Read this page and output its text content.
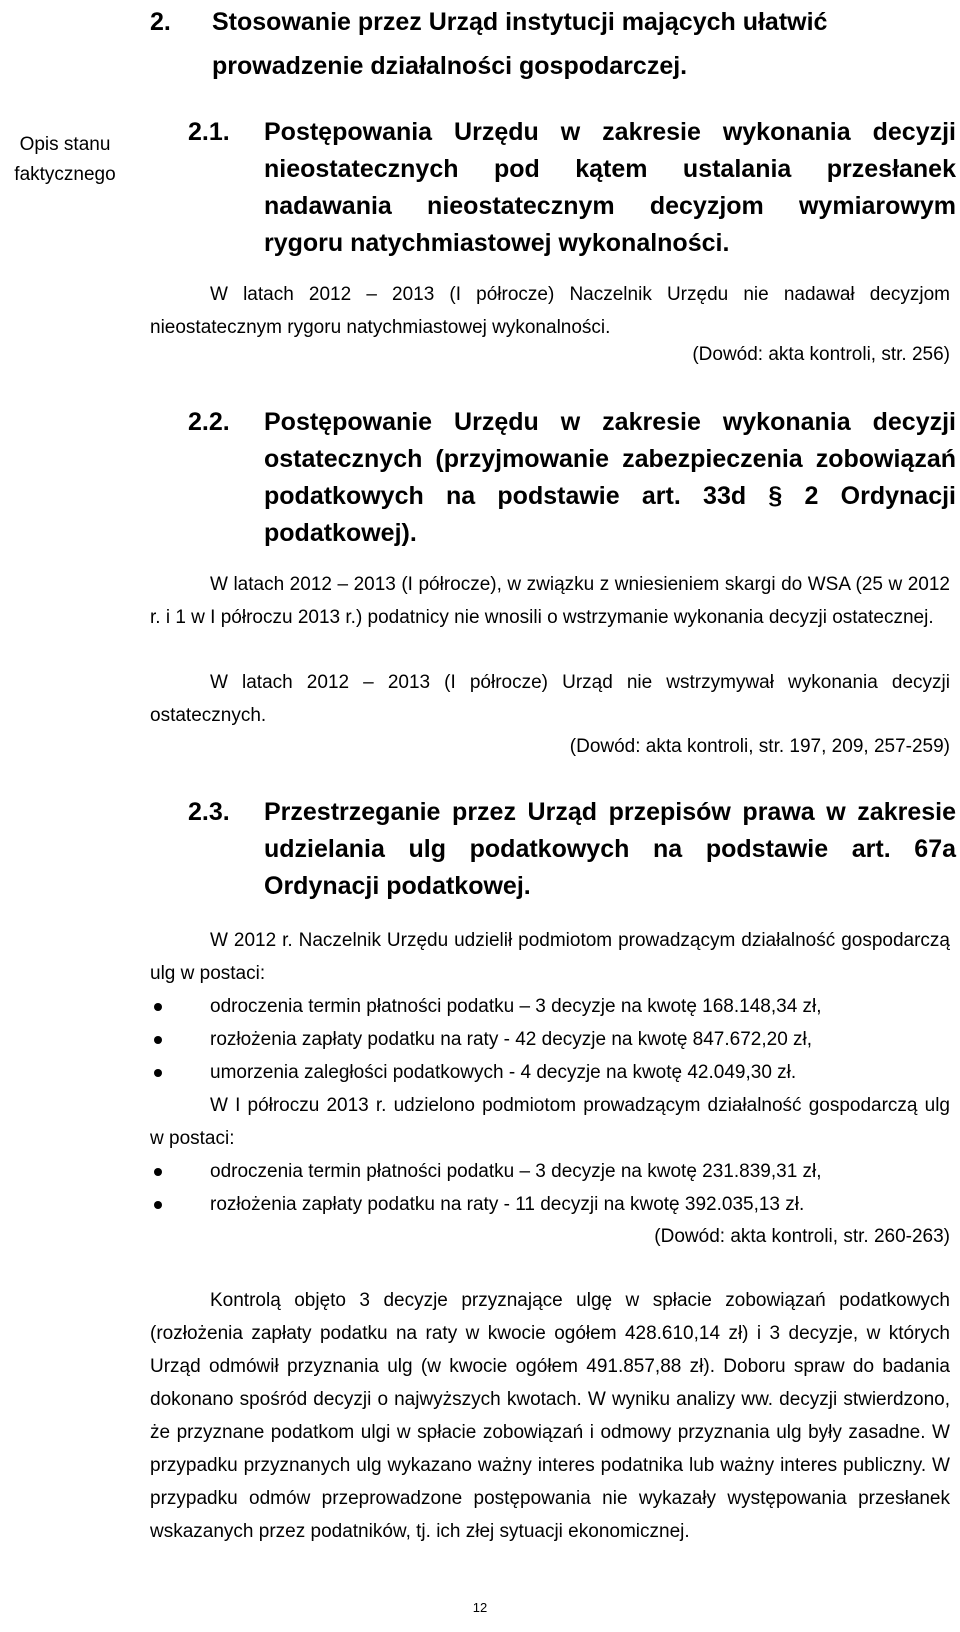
2. Stosowanie przez Urząd instytucji mających ułatwić prowadzenie działalności gospodarczej.
Opis stanu
faktycznego
2.1. Postępowania Urzędu w zakresie wykonania decyzji nieostatecznych pod kątem ustalania przesłanek nadawania nieostatecznym decyzjom wymiarowym rygoru natychmiastowej wykonalności.
W latach 2012 – 2013 (I półrocze) Naczelnik Urzędu nie nadawał decyzjom nieostatecznym rygoru natychmiastowej wykonalności.
(Dowód: akta kontroli, str. 256)
2.2. Postępowanie Urzędu w zakresie wykonania decyzji ostatecznych (przyjmowanie zabezpieczenia zobowiązań podatkowych na podstawie art. 33d § 2 Ordynacji podatkowej).
W latach 2012 – 2013 (I półrocze), w związku z wniesieniem skargi do WSA (25 w 2012 r. i 1 w I półroczu 2013 r.) podatnicy nie wnosili o wstrzymanie wykonania decyzji ostatecznej.
W latach 2012 – 2013 (I półrocze) Urząd nie wstrzymywał wykonania decyzji ostatecznych.
(Dowód: akta kontroli, str. 197, 209, 257-259)
2.3. Przestrzeganie przez Urząd przepisów prawa w zakresie udzielania ulg podatkowych na podstawie art. 67a Ordynacji podatkowej.
W 2012 r. Naczelnik Urzędu udzielił podmiotom prowadzącym działalność gospodarczą ulg w postaci:
odroczenia termin płatności podatku – 3 decyzje na kwotę 168.148,34 zł,
rozłożenia zapłaty podatku na raty - 42 decyzje na kwotę 847.672,20 zł,
umorzenia zaległości podatkowych - 4 decyzje na kwotę 42.049,30 zł.
W I półroczu 2013 r. udzielono podmiotom prowadzącym działalność gospodarczą ulg w postaci:
odroczenia termin płatności podatku – 3 decyzje na kwotę 231.839,31 zł,
rozłożenia zapłaty podatku na raty - 11 decyzji na kwotę 392.035,13 zł.
(Dowód: akta kontroli, str. 260-263)
Kontrolą objęto 3 decyzje przyznające ulgę w spłacie zobowiązań podatkowych (rozłożenia zapłaty podatku na raty w kwocie ogółem 428.610,14 zł) i 3 decyzje, w których Urząd odmówił przyznania ulg (w kwocie ogółem 491.857,88 zł). Doboru spraw do badania dokonano spośród decyzji o najwyższych kwotach. W wyniku analizy ww. decyzji stwierdzono, że przyznane podatkom ulgi w spłacie zobowiązań i odmowy przyznania ulg były zasadne. W przypadku przyznanych ulg wykazano ważny interes podatnika lub ważny interes publiczny. W przypadku odmów przeprowadzone postępowania nie wykazały występowania przesłanek wskazanych przez podatników, tj. ich złej sytuacji ekonomicznej.
12
